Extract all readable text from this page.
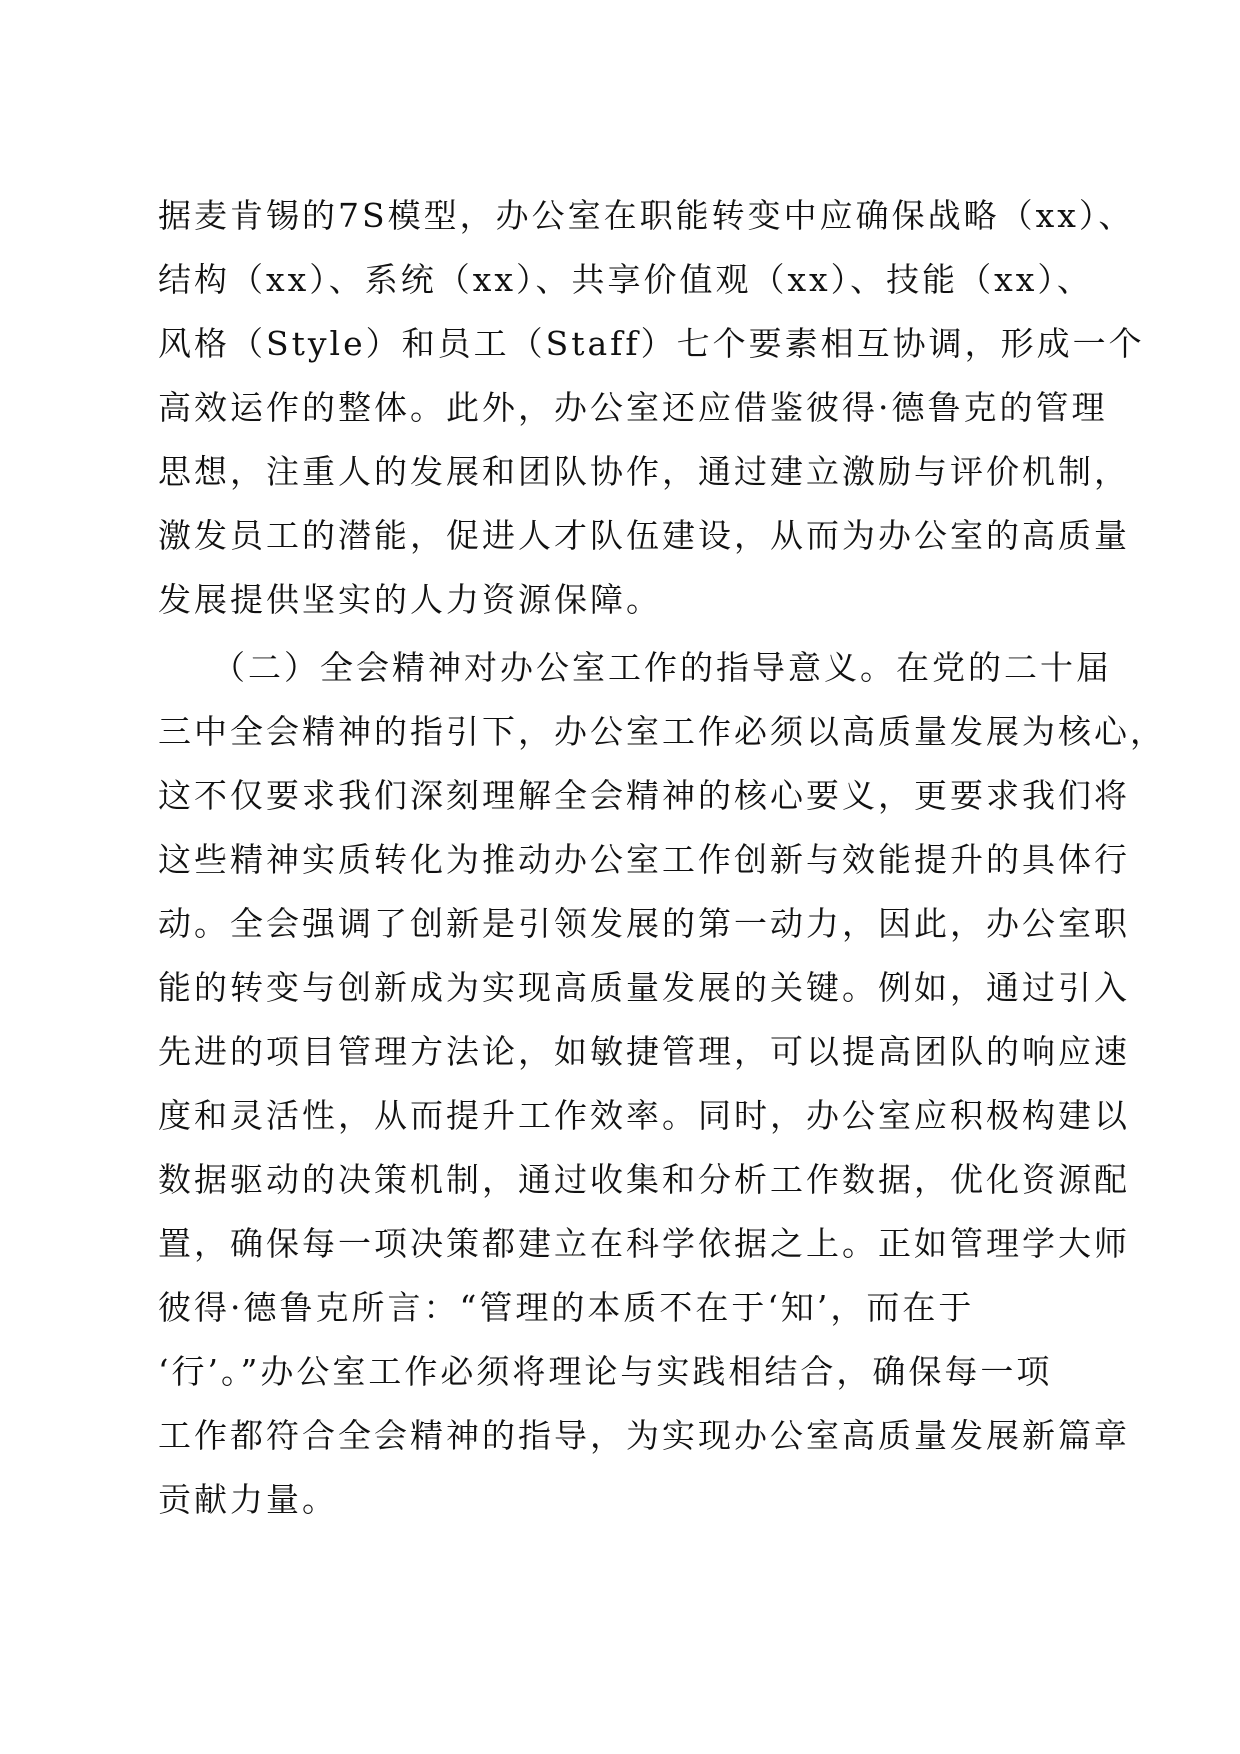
据麦肯锡的7S模型，办公室在职能转变中应确保战略（xx）、
结构（xx）、系统（xx）、共享价值观（xx）、技能（xx）、
风格（Style）和员工（Staff）七个要素相互协调，形成一个
高效运作的整体。此外，办公室还应借鉴彼得·德鲁克的管理
思想，注重人的发展和团队协作，通过建立激励与评价机制，
激发员工的潜能，促进人才队伍建设，从而为办公室的高质量
发展提供坚实的人力资源保障。
（二）全会精神对办公室工作的指导意义。在党的二十届
三中全会精神的指引下，办公室工作必须以高质量发展为核心，
这不仅要求我们深刻理解全会精神的核心要义，更要求我们将
这些精神实质转化为推动办公室工作创新与效能提升的具体行
动。全会强调了创新是引领发展的第一动力，因此，办公室职
能的转变与创新成为实现高质量发展的关键。例如，通过引入
先进的项目管理方法论，如敏捷管理，可以提高团队的响应速
度和灵活性，从而提升工作效率。同时，办公室应积极构建以
数据驱动的决策机制，通过收集和分析工作数据，优化资源配
置，确保每一项决策都建立在科学依据之上。正如管理学大师
彼得·德鲁克所言：“管理的本质不在于‘知’，而在于
‘行’。”办公室工作必须将理论与实践相结合，确保每一项
工作都符合全会精神的指导，为实现办公室高质量发展新篇章
贡献力量。
